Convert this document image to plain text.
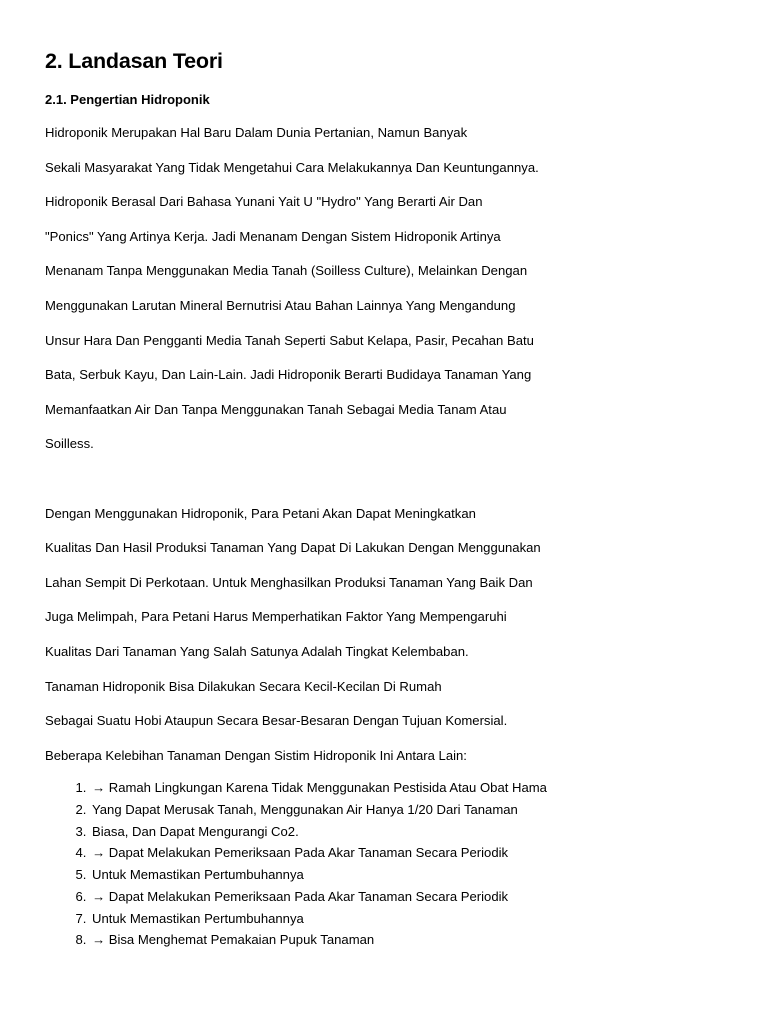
2. Landasan Teori
2.1. Pengertian Hidroponik
Hidroponik Merupakan Hal Baru Dalam Dunia Pertanian, Namun Banyak
Sekali Masyarakat Yang Tidak Mengetahui Cara Melakukannya Dan Keuntungannya.
Hidroponik Berasal Dari Bahasa Yunani Yait U "Hydro" Yang Berarti Air Dan
"Ponics" Yang Artinya Kerja. Jadi Menanam Dengan Sistem Hidroponik Artinya
Menanam Tanpa Menggunakan Media Tanah (Soilless Culture), Melainkan Dengan
Menggunakan Larutan Mineral Bernutrisi Atau Bahan Lainnya Yang Mengandung
Unsur Hara Dan Pengganti Media Tanah Seperti Sabut Kelapa, Pasir, Pecahan Batu
Bata, Serbuk Kayu, Dan Lain-Lain. Jadi Hidroponik Berarti Budidaya Tanaman Yang
Memanfaatkan Air Dan Tanpa Menggunakan Tanah Sebagai Media Tanam Atau
Soilless.
Dengan Menggunakan Hidroponik, Para Petani Akan Dapat Meningkatkan
Kualitas Dan Hasil Produksi Tanaman Yang Dapat Di Lakukan Dengan Menggunakan
Lahan Sempit Di Perkotaan. Untuk Menghasilkan Produksi Tanaman Yang Baik Dan
Juga Melimpah, Para Petani Harus Memperhatikan Faktor Yang Mempengaruhi
Kualitas Dari Tanaman Yang Salah Satunya Adalah Tingkat Kelembaban.
Tanaman Hidroponik Bisa Dilakukan Secara Kecil-Kecilan Di Rumah
Sebagai Suatu Hobi Ataupun Secara Besar-Besaran Dengan Tujuan Komersial.
Beberapa Kelebihan Tanaman Dengan Sistim Hidroponik Ini Antara Lain:
1. → Ramah Lingkungan Karena Tidak Menggunakan Pestisida Atau Obat Hama
2. Yang Dapat Merusak Tanah, Menggunakan Air Hanya 1/20 Dari Tanaman
3. Biasa, Dan Dapat Mengurangi Co2.
4. → Dapat Melakukan Pemeriksaan Pada Akar Tanaman Secara Periodik
5. Untuk Memastikan Pertumbuhannya
6. → Dapat Melakukan Pemeriksaan Pada Akar Tanaman Secara Periodik
7. Untuk Memastikan Pertumbuhannya
8. → Bisa Menghemat Pemakaian Pupuk Tanaman
